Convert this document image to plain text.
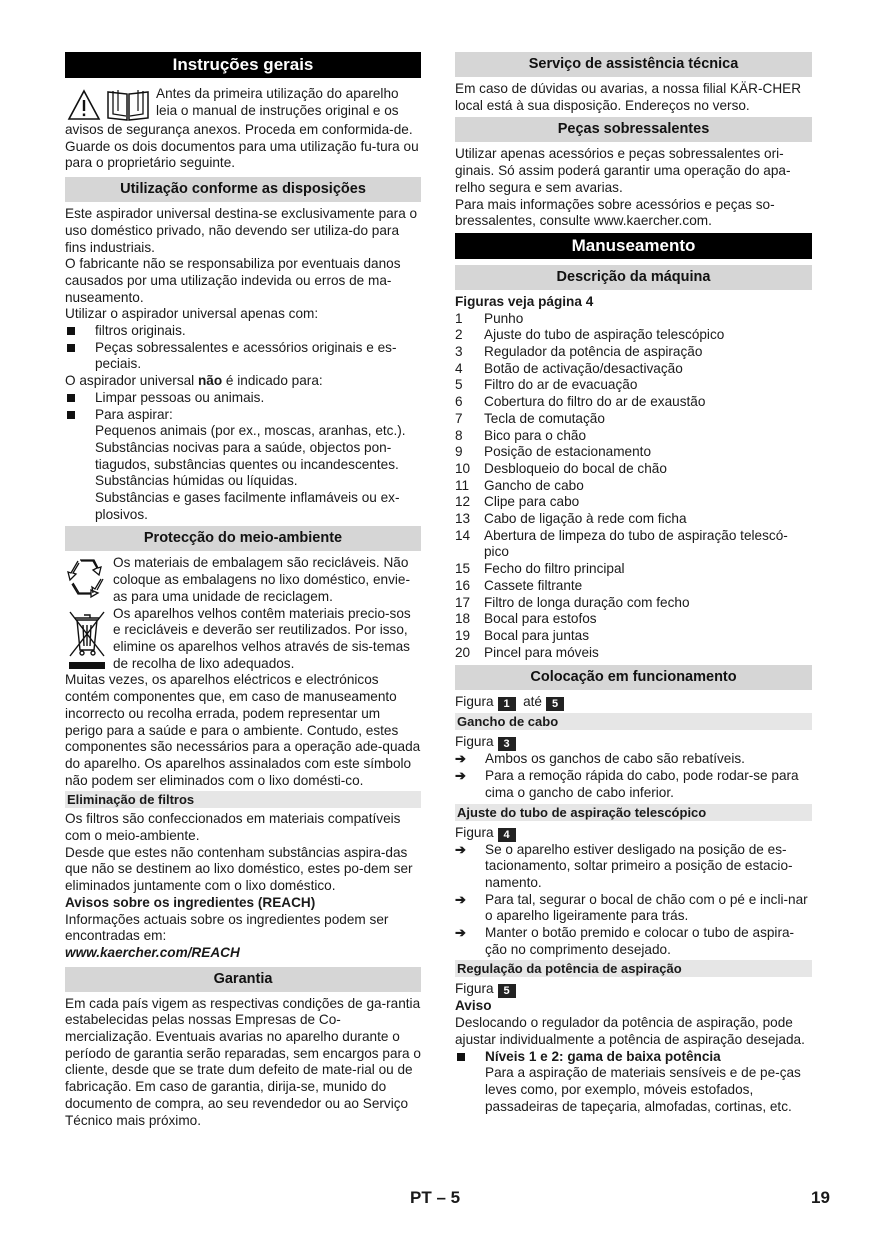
Instruções gerais

Antes da primeira utilização do aparelho leia o manual de instruções original e os

avisos de segurança anexos. Proceda em conformida-de. Guarde os dois documentos para uma utilização fu-tura ou para o proprietário seguinte.

Utilização conforme as disposições

Este aspirador universal destina-se exclusivamente para o uso doméstico privado, não devendo ser utiliza-do para fins industriais.

O fabricante não se responsabiliza por eventuais danos causados por uma utilização indevida ou erros de ma-nuseamento.

Utilizar o aspirador universal apenas com:

filtros originais.
Peças sobressalentes e acessórios originais e es-peciais.

O aspirador universal não é indicado para:

Limpar pessoas ou animais.
Para aspirar:

Pequenos animais (por ex., moscas, aranhas, etc.).

Substâncias nocivas para a saúde, objectos pon-tiagudos, substâncias quentes ou incandescentes.

Substâncias húmidas ou líquidas.

Substâncias e gases facilmente inflamáveis ou ex-plosivos.

Protecção do meio-ambiente

Os materiais de embalagem são recicláveis. Não coloque as embalagens no lixo doméstico, envie-as para uma unidade de reciclagem.

Os aparelhos velhos contêm materiais precio-sos e recicláveis e deverão ser reutilizados. Por isso, elimine os aparelhos velhos através de sis-temas de recolha de lixo adequados.

Muitas vezes, os aparelhos eléctricos e electrónicos contém componentes que, em caso de manuseamento incorrecto ou recolha errada, podem representar um perigo para a saúde e para o ambiente. Contudo, estes componentes são necessários para a operação ade-quada do aparelho. Os aparelhos assinalados com este símbolo não podem ser eliminados com o lixo domésti-co.

Eliminação de filtros

Os filtros são confeccionados em materiais compatíveis com o meio-ambiente.

Desde que estes não contenham substâncias aspira-das que não se destinem ao lixo doméstico, estes po-dem ser eliminados juntamente com o lixo doméstico.

Avisos sobre os ingredientes (REACH)

Informações actuais sobre os ingredientes podem ser encontradas em:

www.kaercher.com/REACH

Garantia

Em cada país vigem as respectivas condições de ga-rantia estabelecidas pelas nossas Empresas de Co-mercialização. Eventuais avarias no aparelho durante o período de garantia serão reparadas, sem encargos para o cliente, desde que se trate dum defeito de mate-rial ou de fabricação. Em caso de garantia, dirija-se, munido do documento de compra, ao seu revendedor ou ao Serviço Técnico mais próximo.

Serviço de assistência técnica

Em caso de dúvidas ou avarias, a nossa filial KÄR-CHER local está à sua disposição. Endereços no verso.

Peças sobressalentes

Utilizar apenas acessórios e peças sobressalentes ori-ginais. Só assim poderá garantir uma operação do apa-relho segura e sem avarias.

Para mais informações sobre acessórios e peças so-bressalentes, consulte www.kaercher.com.

Manuseamento
Descrição da máquina

Figuras veja página 4

1	Punho
2	Ajuste do tubo de aspiração telescópico
3	Regulador da potência de aspiração
4	Botão de activação/desactivação
5	Filtro do ar de evacuação
6	Cobertura do filtro do ar de exaustão
7	Tecla de comutação
8	Bico para o chão
9	Posição de estacionamento
10	Desbloqueio do bocal de chão
11	Gancho de cabo
12	Clipe para cabo
13	Cabo de ligação à rede com ficha
14	Abertura de limpeza do tubo de aspiração telescó-pico
15	Fecho do filtro principal
16	Cassete filtrante
17	Filtro de longa duração com fecho
18	Bocal para estofos
19	Bocal para juntas
20	Pincel para móveis
Colocação em funcionamento

Figura 1 até 5

Gancho de cabo

Figura 3

➔ Ambos os ganchos de cabo são rebatíveis.
➔ Para a remoção rápida do cabo, pode rodar-se para cima o gancho de cabo inferior.
Ajuste do tubo de aspiração telescópico

Figura 4

➔ Se o aparelho estiver desligado na posição de es-tacionamento, soltar primeiro a posição de estacio-namento.
➔ Para tal, segurar o bocal de chão com o pé e incli-nar o aparelho ligeiramente para trás.
➔ Manter o botão premido e colocar o tubo de aspira-ção no comprimento desejado.
Regulação da potência de aspiração

Figura 5

Aviso

Deslocando o regulador da potência de aspiração, pode ajustar individualmente a potência de aspiração desejada.

Níveis 1 e 2: gama de baixa potência

Para a aspiração de materiais sensíveis e de pe-ças leves como, por exemplo, móveis estofados, passadeiras de tapeçaria, almofadas, cortinas, etc.

PT – 5	19
